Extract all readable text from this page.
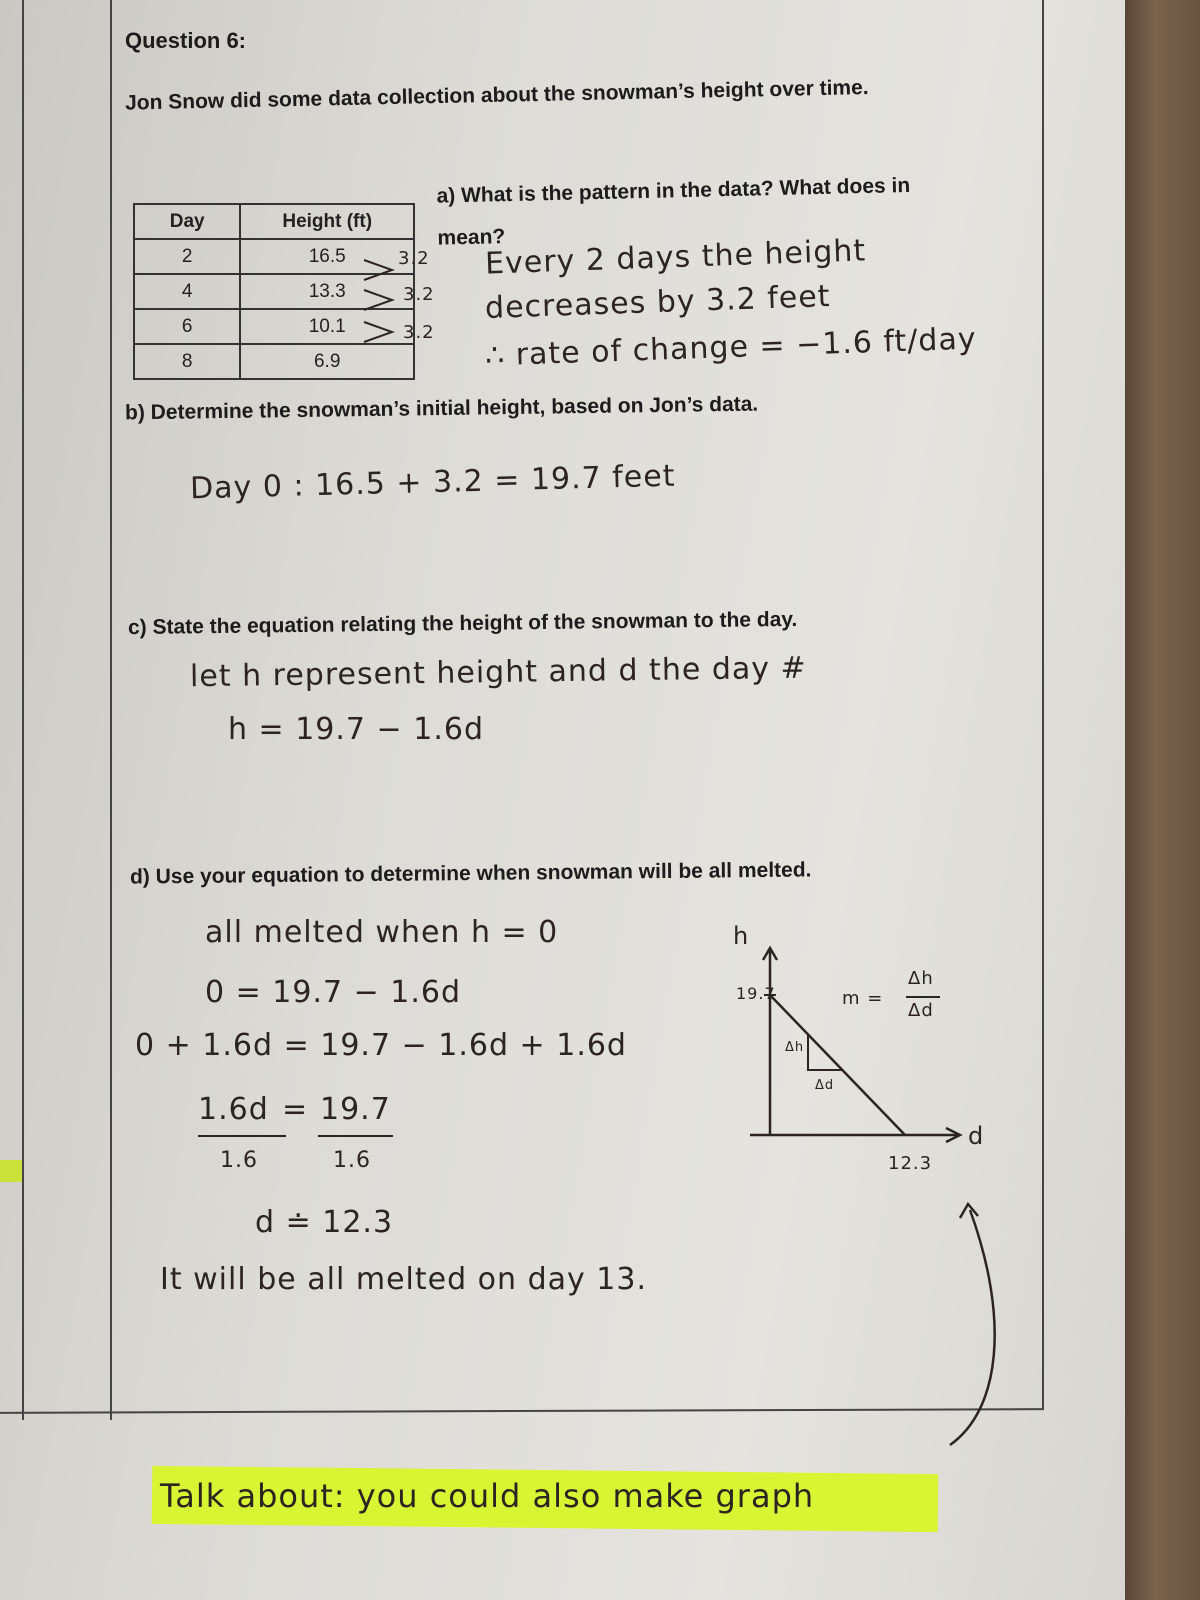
Question 6:
Jon Snow did some data collection about the snowman’s height over time.
Day	Height (ft)
2	16.5
4	13.3
6	10.1
8	6.9
3.2
3.2
3.2
a) What is the pattern in the data? What does in mean?
Every 2 days the height
decreases by 3.2 feet
∴ rate of change = −1.6 ft/day
b) Determine the snowman’s initial height, based on Jon’s data.
Day 0 : 16.5 + 3.2 = 19.7 feet
c) State the equation relating the height of the snowman to the day.
let h represent height and d the day #
h = 19.7 − 1.6d
d) Use your equation to determine when snowman will be all melted.
all melted when h = 0
0 = 19.7 − 1.6d
0 + 1.6d = 19.7 − 1.6d + 1.6d
1.6d = 19.7
1.6	1.6
d ≐ 12.3
It will be all melted on day 13.
h
d
19.7
12.3
Δh
Δd
m =
Δh
Δd
Talk about: you could also make graph
